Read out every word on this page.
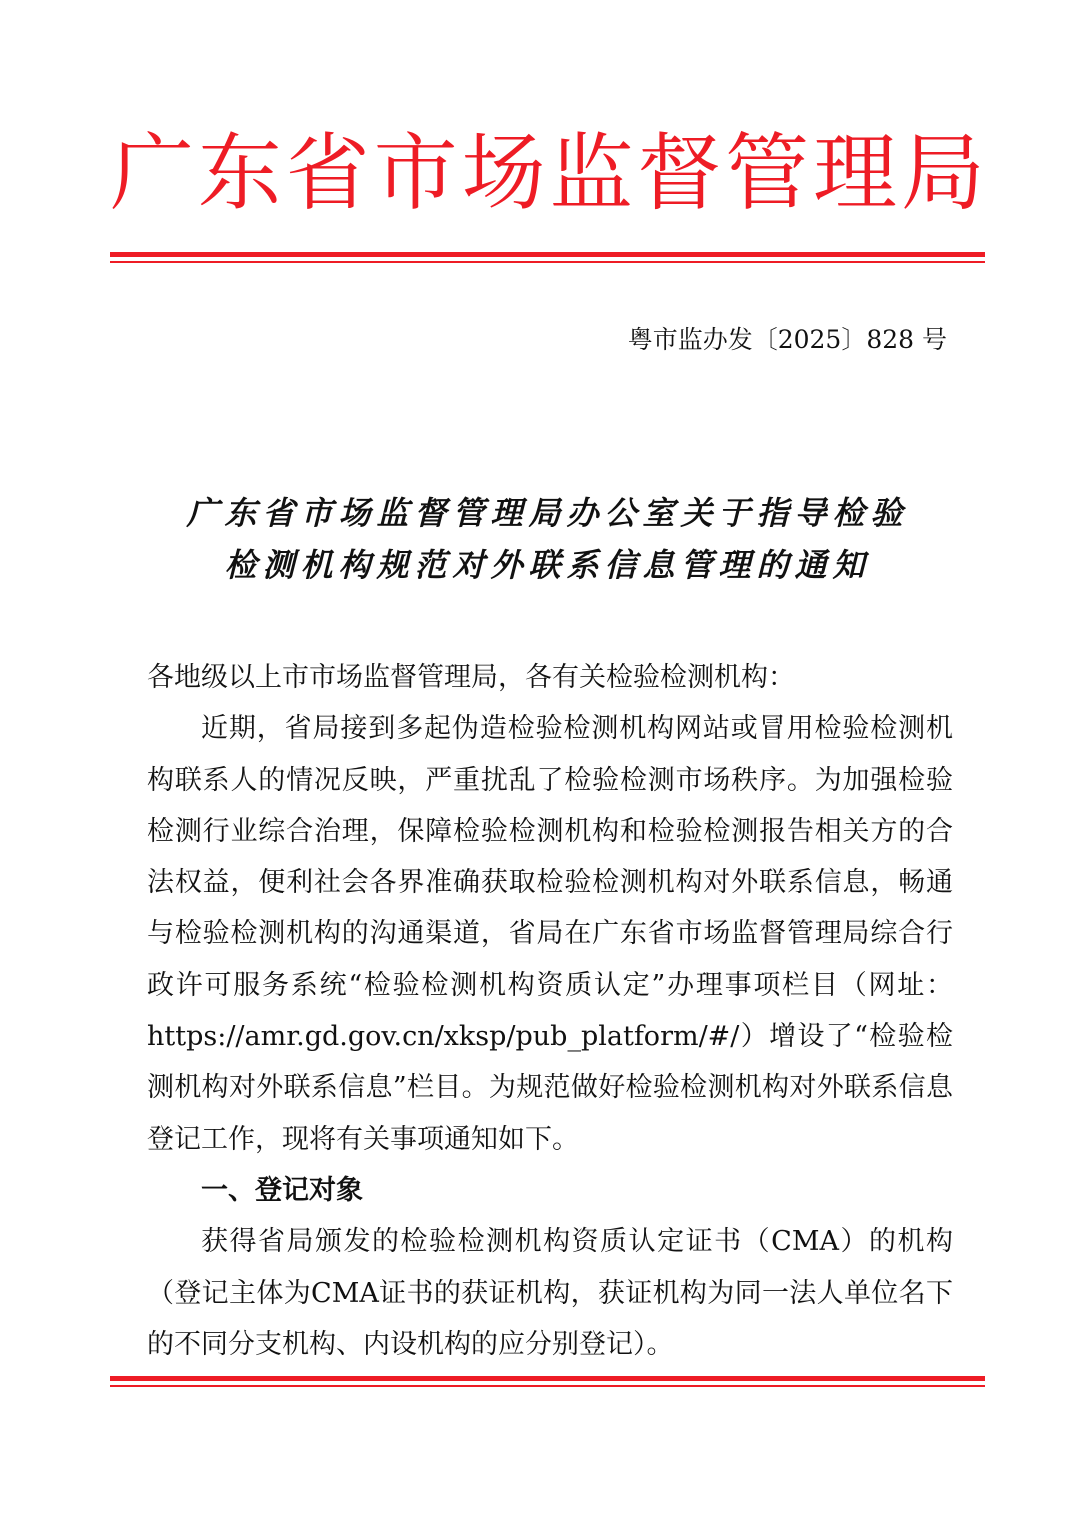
广 东 省 市 场 监 督 管 理 局
粤市监办发〔2025〕828 号
广东省市场监督管理局办公室关于指导检验
检测机构规范对外联系信息管理的通知

各地级以上市市场监督管理局，各有关检验检测机构：

近期，省局接到多起伪造检验检测机构网站或冒用检验检测机构联系人的情况反映，严重扰乱了检验检测市场秩序。为加强检验检测行业综合治理，保障检验检测机构和检验检测报告相关方的合法权益，便利社会各界准确获取检验检测机构对外联系信息，畅通与检验检测机构的沟通渠道，省局在广东省市场监督管理局综合行政许可服务系统“检验检测机构资质认定”办理事项栏目（网址：https://amr.gd.gov.cn/xksp/pub_platform/#/）增设了“检验检测机构对外联系信息”栏目。为规范做好检验检测机构对外联系信息登记工作，现将有关事项通知如下。

一、登记对象

获得省局颁发的检验检测机构资质认定证书（CMA）的机构（登记主体为CMA证书的获证机构，获证机构为同一法人单位名下的不同分支机构、内设机构的应分别登记）。
